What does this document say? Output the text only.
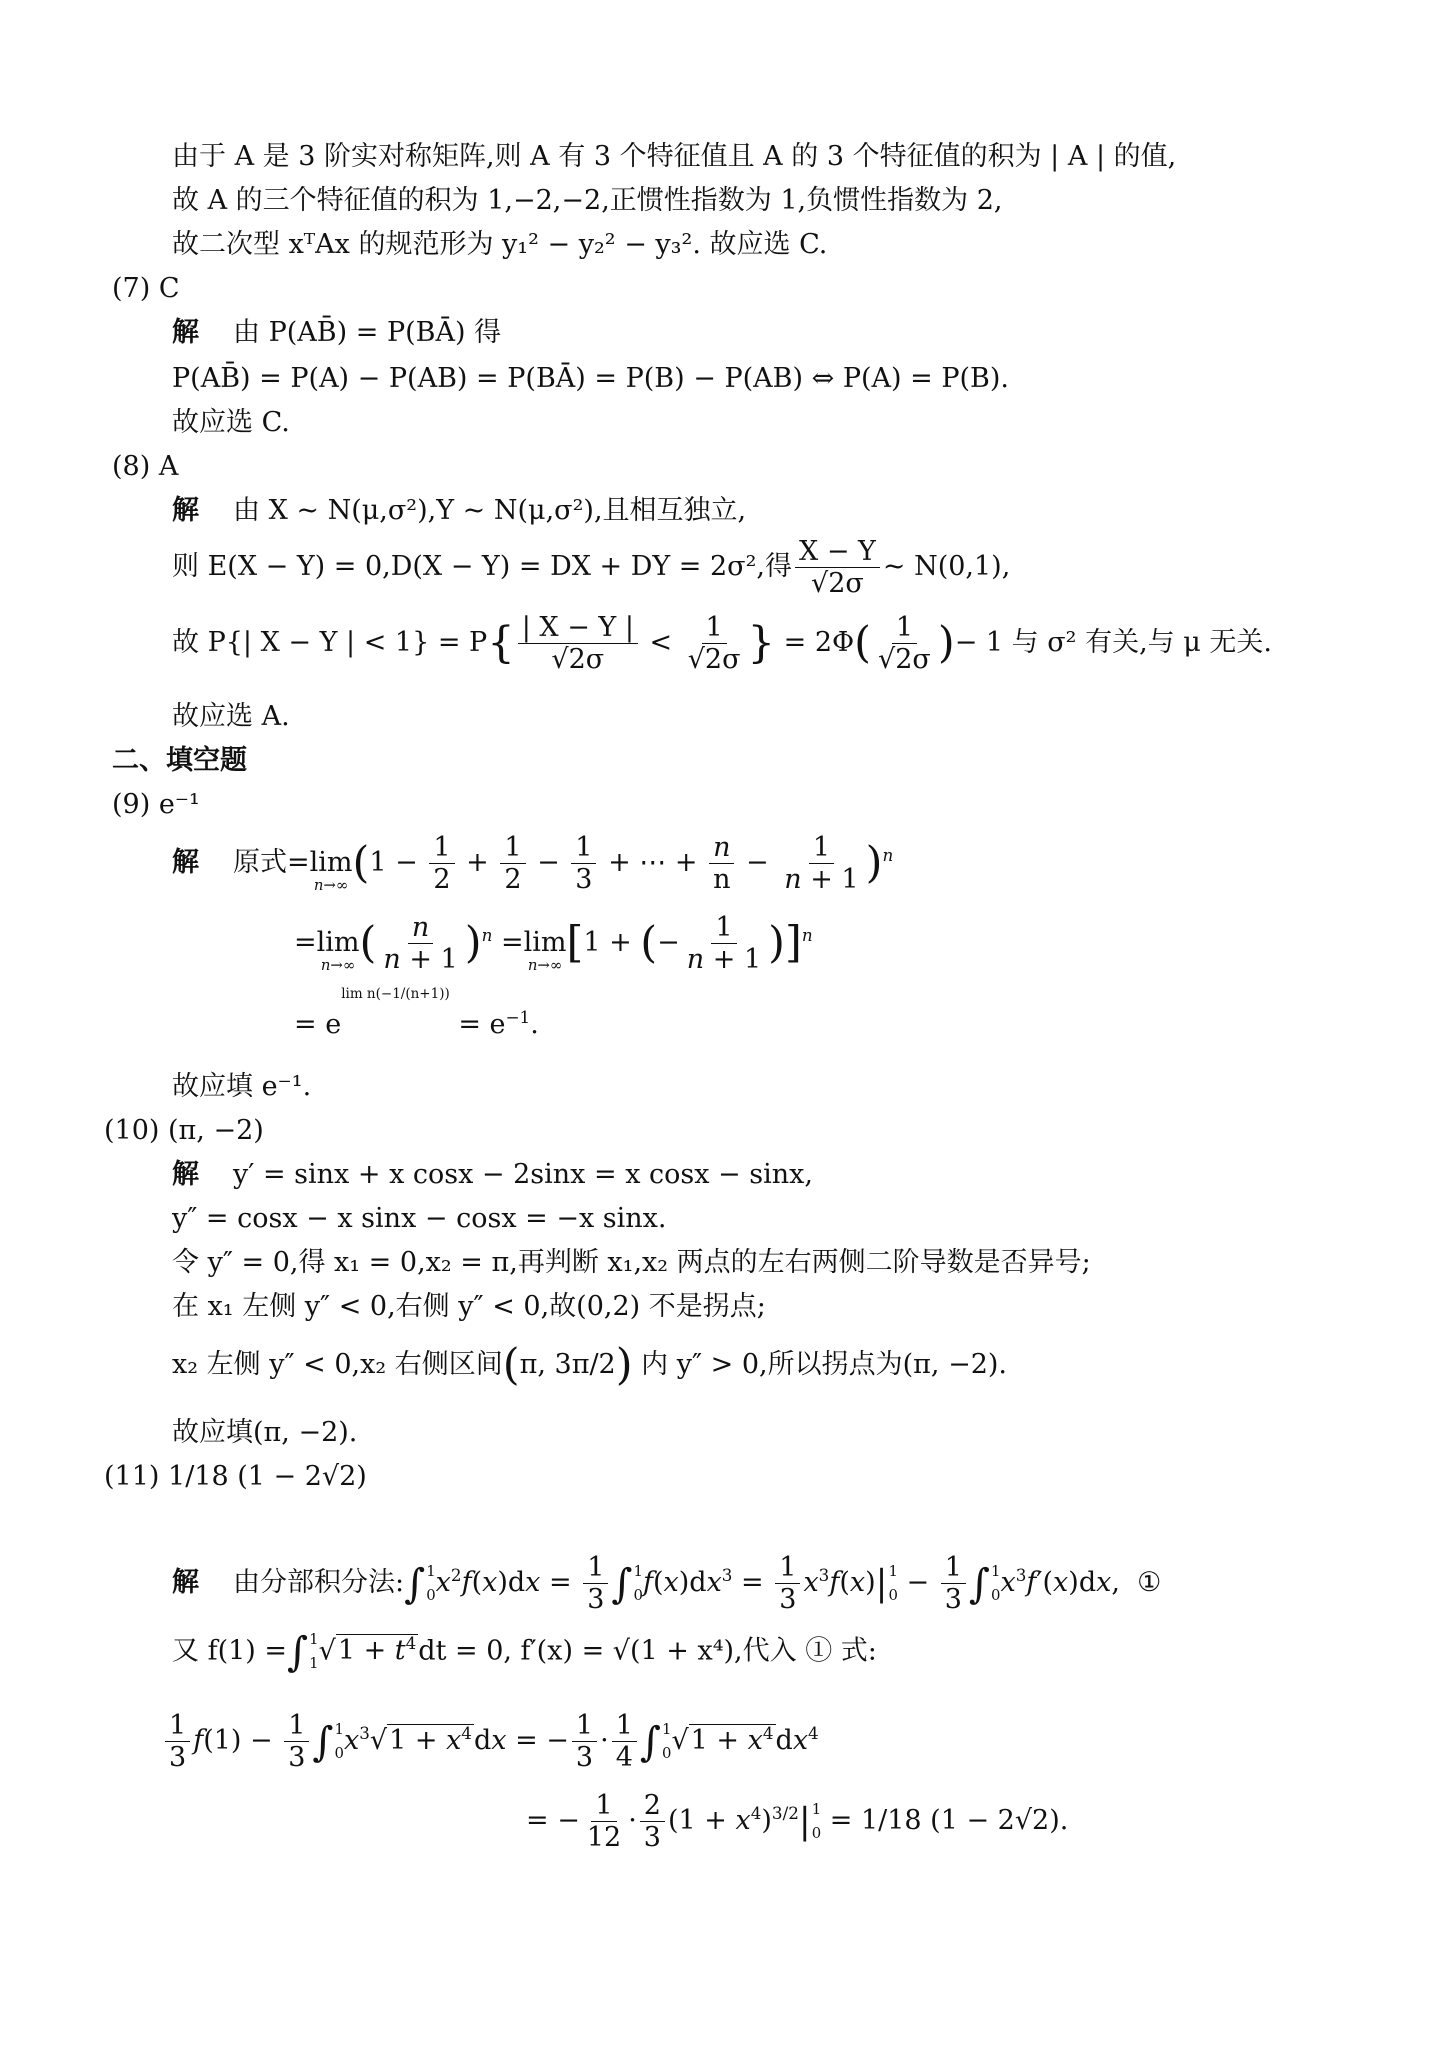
由于 A 是 3 阶实对称矩阵,则 A 有 3 个特征值且 A 的 3 个特征值的积为 | A | 的值,
故 A 的三个特征值的积为 1,−2,−2,正惯性指数为 1,负惯性指数为 2,
故二次型 xᵀAx 的规范形为 y₁² − y₂² − y₃². 故应选 C.
(7) C
解 由 P(AB̄) = P(BĀ) 得
P(AB̄) = P(A) − P(AB) = P(BĀ) = P(B) − P(AB) ⇔ P(A) = P(B).
故应选 C.
(8) A
解 由 X ~ N(μ,σ²),Y ~ N(μ,σ²),且相互独立,
则 E(X − Y) = 0,D(X − Y) = DX + DY = 2σ²,得 $\frac{X - Y}{√2\sigma}$ ~ N(0,1),
故 P{| X − Y | < $1\} = P\{ \frac{| X - Y |}{√2\sigma} < \frac{1}{√2\sigma}$ } = $2\Phi( \frac{1}{√2\sigma}$ )− 1 与 σ² 有关,与 μ 无关.
故应选 A.
二、填空题
(9) e⁻¹
解 原式= lim
n→∞ ($1 - \frac{1}{2} + \frac{1}{2} - \frac{1}{3}$ + ⋯ + $\frac{n}{n} - \frac{1}{n + 1} )^n$
= lim
n→∞ ( $\frac{n}{n + 1} )^n = \lim$
n→∞ [1 + (− $\frac{1}{n + 1} )]^n$
= elim $n(-1/(n+1)) = e^{-1}$.
故应填 e⁻¹.
(10) (π, −2)
解 y′ = sinx + x cosx − 2sinx = x cosx − sinx,
y″ = cosx − x sinx − cosx = −x sinx.
令 y″ = 0,得 x₁ = 0,x₂ = π,再判断 x₁,x₂ 两点的左右两侧二阶导数是否异号;
在 x₁ 左侧 y″ < 0,右侧 y″ < 0,故(0,2) 不是拐点;
x₂ 左侧 y″ < 0,x₂ 右侧区间(π, 3π/2) 内 y″ > 0,所以拐点为(π, −2).
故应填(π, −2).
(11) 1/18 (1 − 2√2)
解 由分部积分法:∫ 1
0 $x^2f(x)dx = \frac{1}{3}$ ∫ 1
0 $f(x)dx^3 = \frac{1}{3} x^3f(x)|$ 1
$0 - \frac{1}{3}$ ∫ 1
0 $x^3f'(x)dx$,  ①
又 f(1) =∫ 1
1 $√1 + t^4dt = 0$, f′(x) = √(1 + x⁴),代入 ① 式:
$\frac{1}{3} f(1) - \frac{1}{3}$ ∫ 1
0 $x^3√1 + x^4dx$ = − $\frac{1}{3} \cdot \frac{1}{4}$ ∫ 1
0 $√1 + x^4dx^4$
= − $\frac{1}{12} \cdot \frac{2}{3} (1 + x^4)^{3/2}|$ 1
0 = 1/18 (1 − 2√2).
